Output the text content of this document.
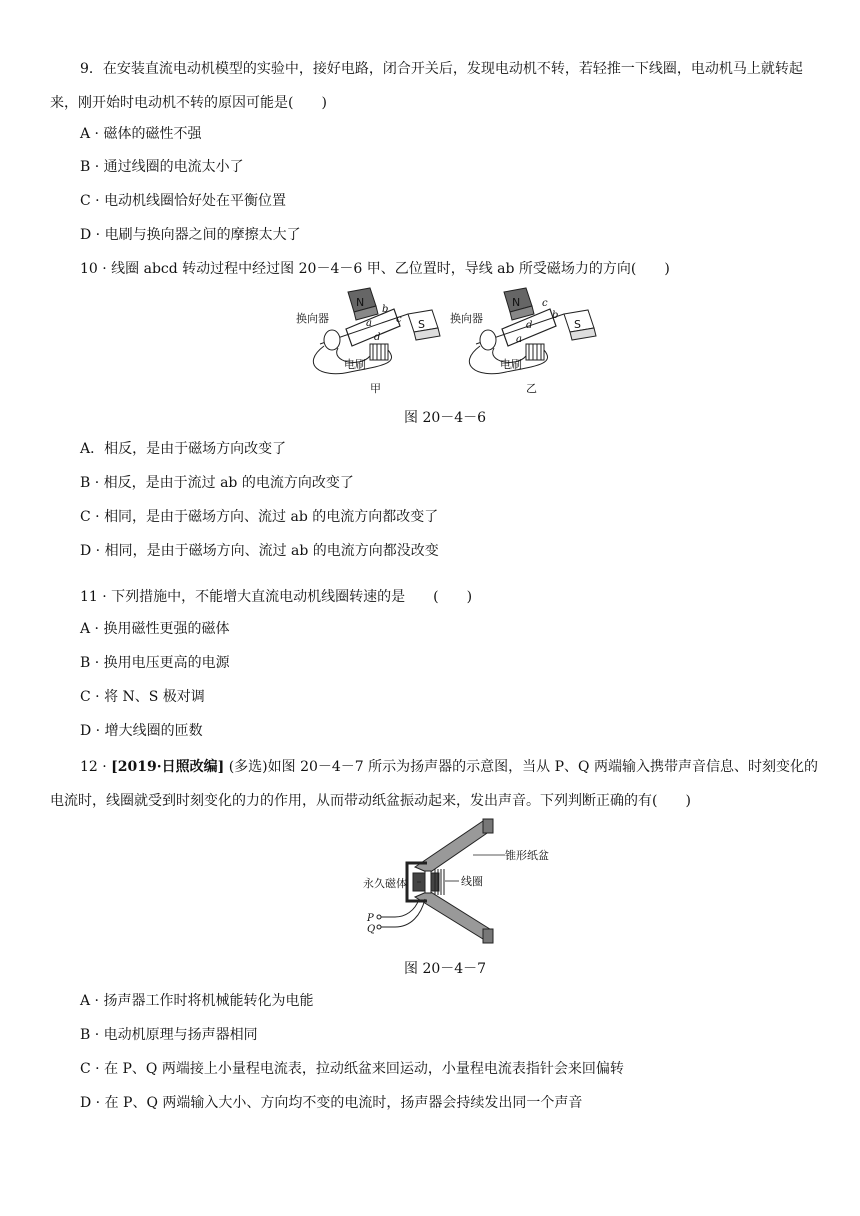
9．在安装直流电动机模型的实验中，接好电路，闭合开关后，发现电动机不转，若轻推一下线圈，电动机马上就转起来，刚开始时电动机不转的原因可能是(　　)
A · 磁体的磁性不强
B · 通过线圈的电流太小了
C · 电动机线圈恰好处在平衡位置
D · 电刷与换向器之间的摩擦太大了
10 · 线圈 abcd 转动过程中经过图 20－4－6 甲、乙位置时，导线 ab 所受磁场力的方向(　　)
N
S
a
b
c
d
换向器
电刷
甲
N
S
c
b
d
a
换向器
电刷
乙
图 20－4－6
A．相反，是由于磁场方向改变了
B · 相反，是由于流过 ab 的电流方向改变了
C · 相同，是由于磁场方向、流过 ab 的电流方向都改变了
D · 相同，是由于磁场方向、流过 ab 的电流方向都没改变
11 · 下列措施中，不能增大直流电动机线圈转速的是　　(　　)
A · 换用磁性更强的磁体
B · 换用电压更高的电源
C · 将 N、S 极对调
D · 增大线圈的匝数
12 · [2019·日照改编] (多选)如图 20－4－7 所示为扬声器的示意图，当从 P、Q 两端输入携带声音信息、时刻变化的电流时，线圈就受到时刻变化的力的作用，从而带动纸盆振动起来，发出声音。下列判断正确的有(　　)
锥形纸盆
永久磁体	线圈
P
Q
图 20－4－7
A · 扬声器工作时将机械能转化为电能
B · 电动机原理与扬声器相同
C · 在 P、Q 两端接上小量程电流表，拉动纸盆来回运动，小量程电流表指针会来回偏转
D · 在 P、Q 两端输入大小、方向均不变的电流时，扬声器会持续发出同一个声音
